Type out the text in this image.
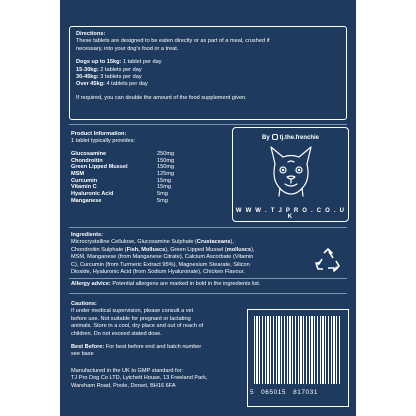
Directions:
These tablets are designed to be eaten directly or as part of a meal, crushed if
necessary, into your dog's food or a treat.
Dogs up to 15kg: 1 tablet per day
15-30kg: 2 tablets per day
30-45kg: 3 tablets per day
Over 45kg: 4 tablets per day
If required, you can double the amount of the food supplement given.
Product Information:
1 tablet typically provides:
Glucosamine	250mg
Chondroitin	150mg
Green Lipped Mussel	150mg
MSM	125mg
Curcumin	15mg
Vitamin C	15mg
Hyaluronic Acid	5mg
Manganese	5mg
By tj.the.frenchie
W W W . T J P R O . C O . U K
Ingredients:
Microcrystalline Cellulose, Glucosamine Sulphate (Crustaceans),
Chondroitin Sulphate (Fish, Molluscs), Green Lipped Mussel (molluscs),
MSM, Manganese (from Manganese Citrate), Calcium Ascorbate (Vitamin
C), Curcumin (from Turmeric Extract 95%), Magnesium Stearate, Silicon
Dioxide, Hyaluronic Acid (from Sodium Hyaluronate), Chicken Flavour.
Allergy advice: Potential allergens are marked in bold in the ingredients list.
Cautions:
If under medical supervision, please consult a vet
before use. Not suitable for pregnant or lactating
animals. Store in a cool, dry place and out of reach of
children. Do not exceed stated dose.
Best Before: For best before end and batch number
see base
Manufactured in the UK to GMP standard for:
TJ Pro Dog Co LTD, Lytchett House, 13 Freeland Park,
Wareham Road, Poole, Dorset, BH16 6FA
5 065015 817031
